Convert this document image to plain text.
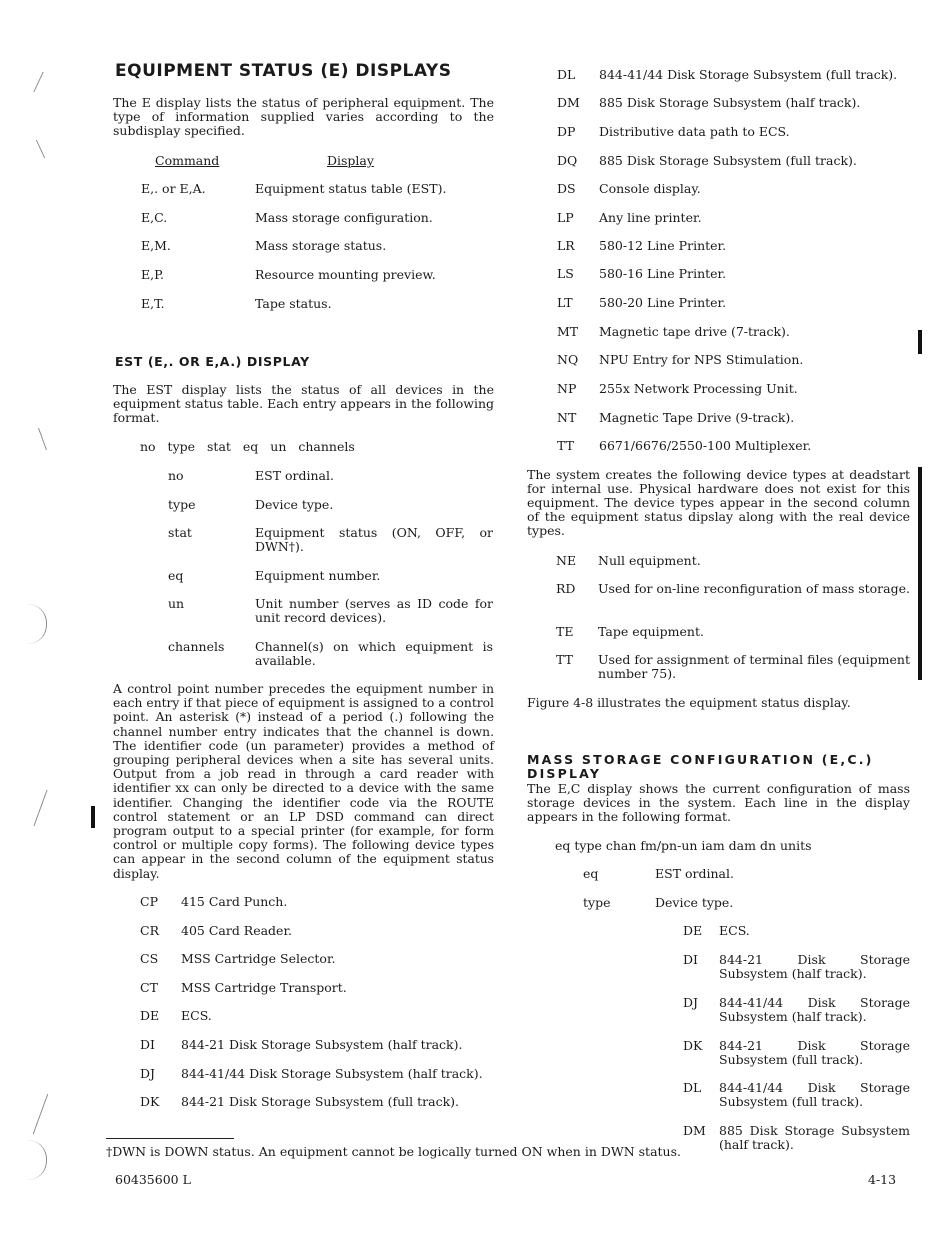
EQUIPMENT STATUS (E) DISPLAYS
The E display lists the status of peripheral equipment. The type of information supplied varies according to the subdisplay specified.
Command	Display
E,. or E,A.	Equipment status table (EST).
E,C.	Mass storage configuration.
E,M.	Mass storage status.
E,P.	Resource mounting preview.
E,T.	Tape status.
EST (E,. OR E,A.) DISPLAY
The EST display lists the status of all devices in the equipment status table. Each entry appears in the following format.
no type stat eq un channels
no	EST ordinal.
type	Device type.
stat	Equipment status (ON, OFF, or DWN†).
eq	Equipment number.
un	Unit number (serves as ID code for unit record devices).
channels Channel(s) on which equipment is available.
A control point number precedes the equipment number in each entry if that piece of equipment is assigned to a control point. An asterisk (*) instead of a period (.) following the channel number entry indicates that the channel is down. The identifier code (un parameter) provides a method of grouping peripheral devices when a site has several units. Output from a job read in through a card reader with identifier xx can only be directed to a device with the same identifier. Changing the identifier code via the ROUTE control statement or an LP DSD command can direct program output to a special printer (for example, for form control or multiple copy forms). The following device types can appear in the second column of the equipment status display.
CP 415 Card Punch.
CR 405 Card Reader.
CS MSS Cartridge Selector.
CT MSS Cartridge Transport.
DE ECS.
DI 844-21 Disk Storage Subsystem (half track).
DJ 844-41/44 Disk Storage Subsystem (half track).
DK 844-21 Disk Storage Subsystem (full track).
DL 844-41/44 Disk Storage Subsystem (full track).
DM 885 Disk Storage Subsystem (half track).
DP Distributive data path to ECS.
DQ 885 Disk Storage Subsystem (full track).
DS Console display.
LP Any line printer.
LR 580-12 Line Printer.
LS 580-16 Line Printer.
LT 580-20 Line Printer.
MT Magnetic tape drive (7-track).
NQ NPU Entry for NPS Stimulation.
NP 255x Network Processing Unit.
NT Magnetic Tape Drive (9-track).
TT 6671/6676/2550-100 Multiplexer.
The system creates the following device types at deadstart for internal use. Physical hardware does not exist for this equipment. The device types appear in the second column of the equipment status dipslay along with the real device types.
NE Null equipment.
RD Used for on-line reconfiguration of mass storage.
TE Tape equipment.
TT Used for assignment of terminal files (equipment number 75).
Figure 4-8 illustrates the equipment status display.
MASS STORAGE CONFIGURATION (E,C.) DISPLAY
The E,C display shows the current configuration of mass storage devices in the system. Each line in the display appears in the following format.
eq type chan fm/pn-un iam dam dn units
eq	EST ordinal.
type	Device type.
DE ECS.
DI 844-21 Disk Storage Subsystem (half track).
DJ 844-41/44 Disk Storage Subsystem (half track).
DK 844-21 Disk Storage Subsystem (full track).
DL 844-41/44 Disk Storage Subsystem (full track).
DM 885 Disk Storage Subsystem (half track).
†DWN is DOWN status. An equipment cannot be logically turned ON when in DWN status.
60435600 L	4-13
